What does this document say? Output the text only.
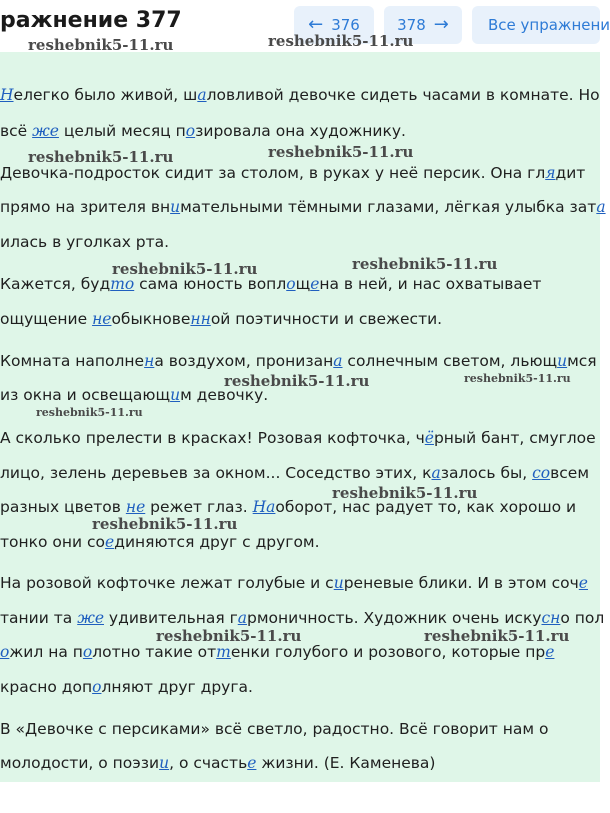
ражнение 377	← 376 378 →	Все упражнени
Нелегко было живой, шаловливой девочке сидеть часами в комнате. Но
всё же целый месяц позировала она художнику.
Девочка-подросток сидит за столом, в руках у неё персик. Она глядит
прямо на зрителя внимательными тёмными глазами, лёгкая улыбка зата
илась в уголках рта.
Кажется, будто сама юность воплощена в ней, и нас охватывает
ощущение необыкновенной поэтичности и свежести.
Комната наполнена воздухом, пронизана солнечным светом, льющимся
из окна и освещающим девочку.
А сколько прелести в красках! Розовая кофточка, чёрный бант, смуглое
лицо, зелень деревьев за окном... Соседство этих, казалось бы, совсем
разных цветов не режет глаз. Наоборот, нас радует то, как хорошо и
тонко они соединяются друг с другом.
На розовой кофточке лежат голубые и сиреневые блики. И в этом соче
тании та же удивительная гармоничность. Художник очень искусно пол
ожил на полотно такие оттенки голубого и розового, которые пре
красно дополняют друг друга.
В «Девочке с персиками» всё светло, радостно. Всё говорит нам о
молодости, о поэзии, о счастье жизни. (Е. Каменева)
reshebnik5-11.ru	reshebnik5-11.ru
reshebnik5-11.ru	reshebnik5-11.ru
reshebnik5-11.ru	reshebnik5-11.ru
reshebnik5-11.ru	reshebnik5-11.ru
reshebnik5-11.ru
reshebnik5-11.ru
reshebnik5-11.ru
reshebnik5-11.ru	reshebnik5-11.ru
